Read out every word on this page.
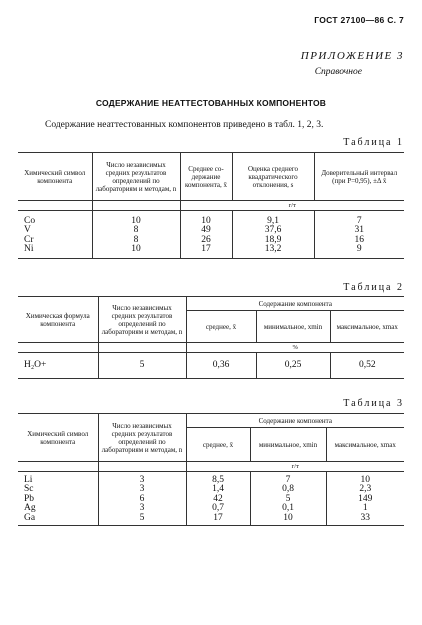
ГОСТ 27100—86 С. 7
ПРИЛОЖЕНИЕ 3
Справочное
СОДЕРЖАНИЕ НЕАТТЕСТОВАННЫХ КОМПОНЕНТОВ
Содержание неаттестованных компонентов приведено в табл. 1, 2, 3.
Таблица 1
Химический символ компонента	Число независимых средних результатов определений по лабораториям и методам, n	Среднее со-держание компонента, x̄	Оценка среднего квадратического отклонения, s	Доверительный интервал (при P=0,95), ±Δ x̄
		г/т		

Co	10	10	9,1	7
V	8	49	37,6	31
Cr	8	26	18,9	16
Ni	10	17	13,2	9

Таблица 2
Химическая формула компонента	Число независимых средних результатов определений по лабораториям и методам, n	Содержание компонента		
		среднее, x̄	минимальное, xmin	максимальное, xmax
		%		

H₂O+	5	0,36	0,25	0,52

Таблица 3
Химический символ компонента	Число независимых средних результатов определений по лабораториям и методам, n	Содержание компонента		
		среднее, x̄	минимальное, xmin	максимальное, xmax
		г/т		

Li	3	8,5	7	10
Sc	3	1,4	0,8	2,3
Pb	6	42	5	149
Ag	3	0,7	0,1	1
Ga	5	17	10	33
